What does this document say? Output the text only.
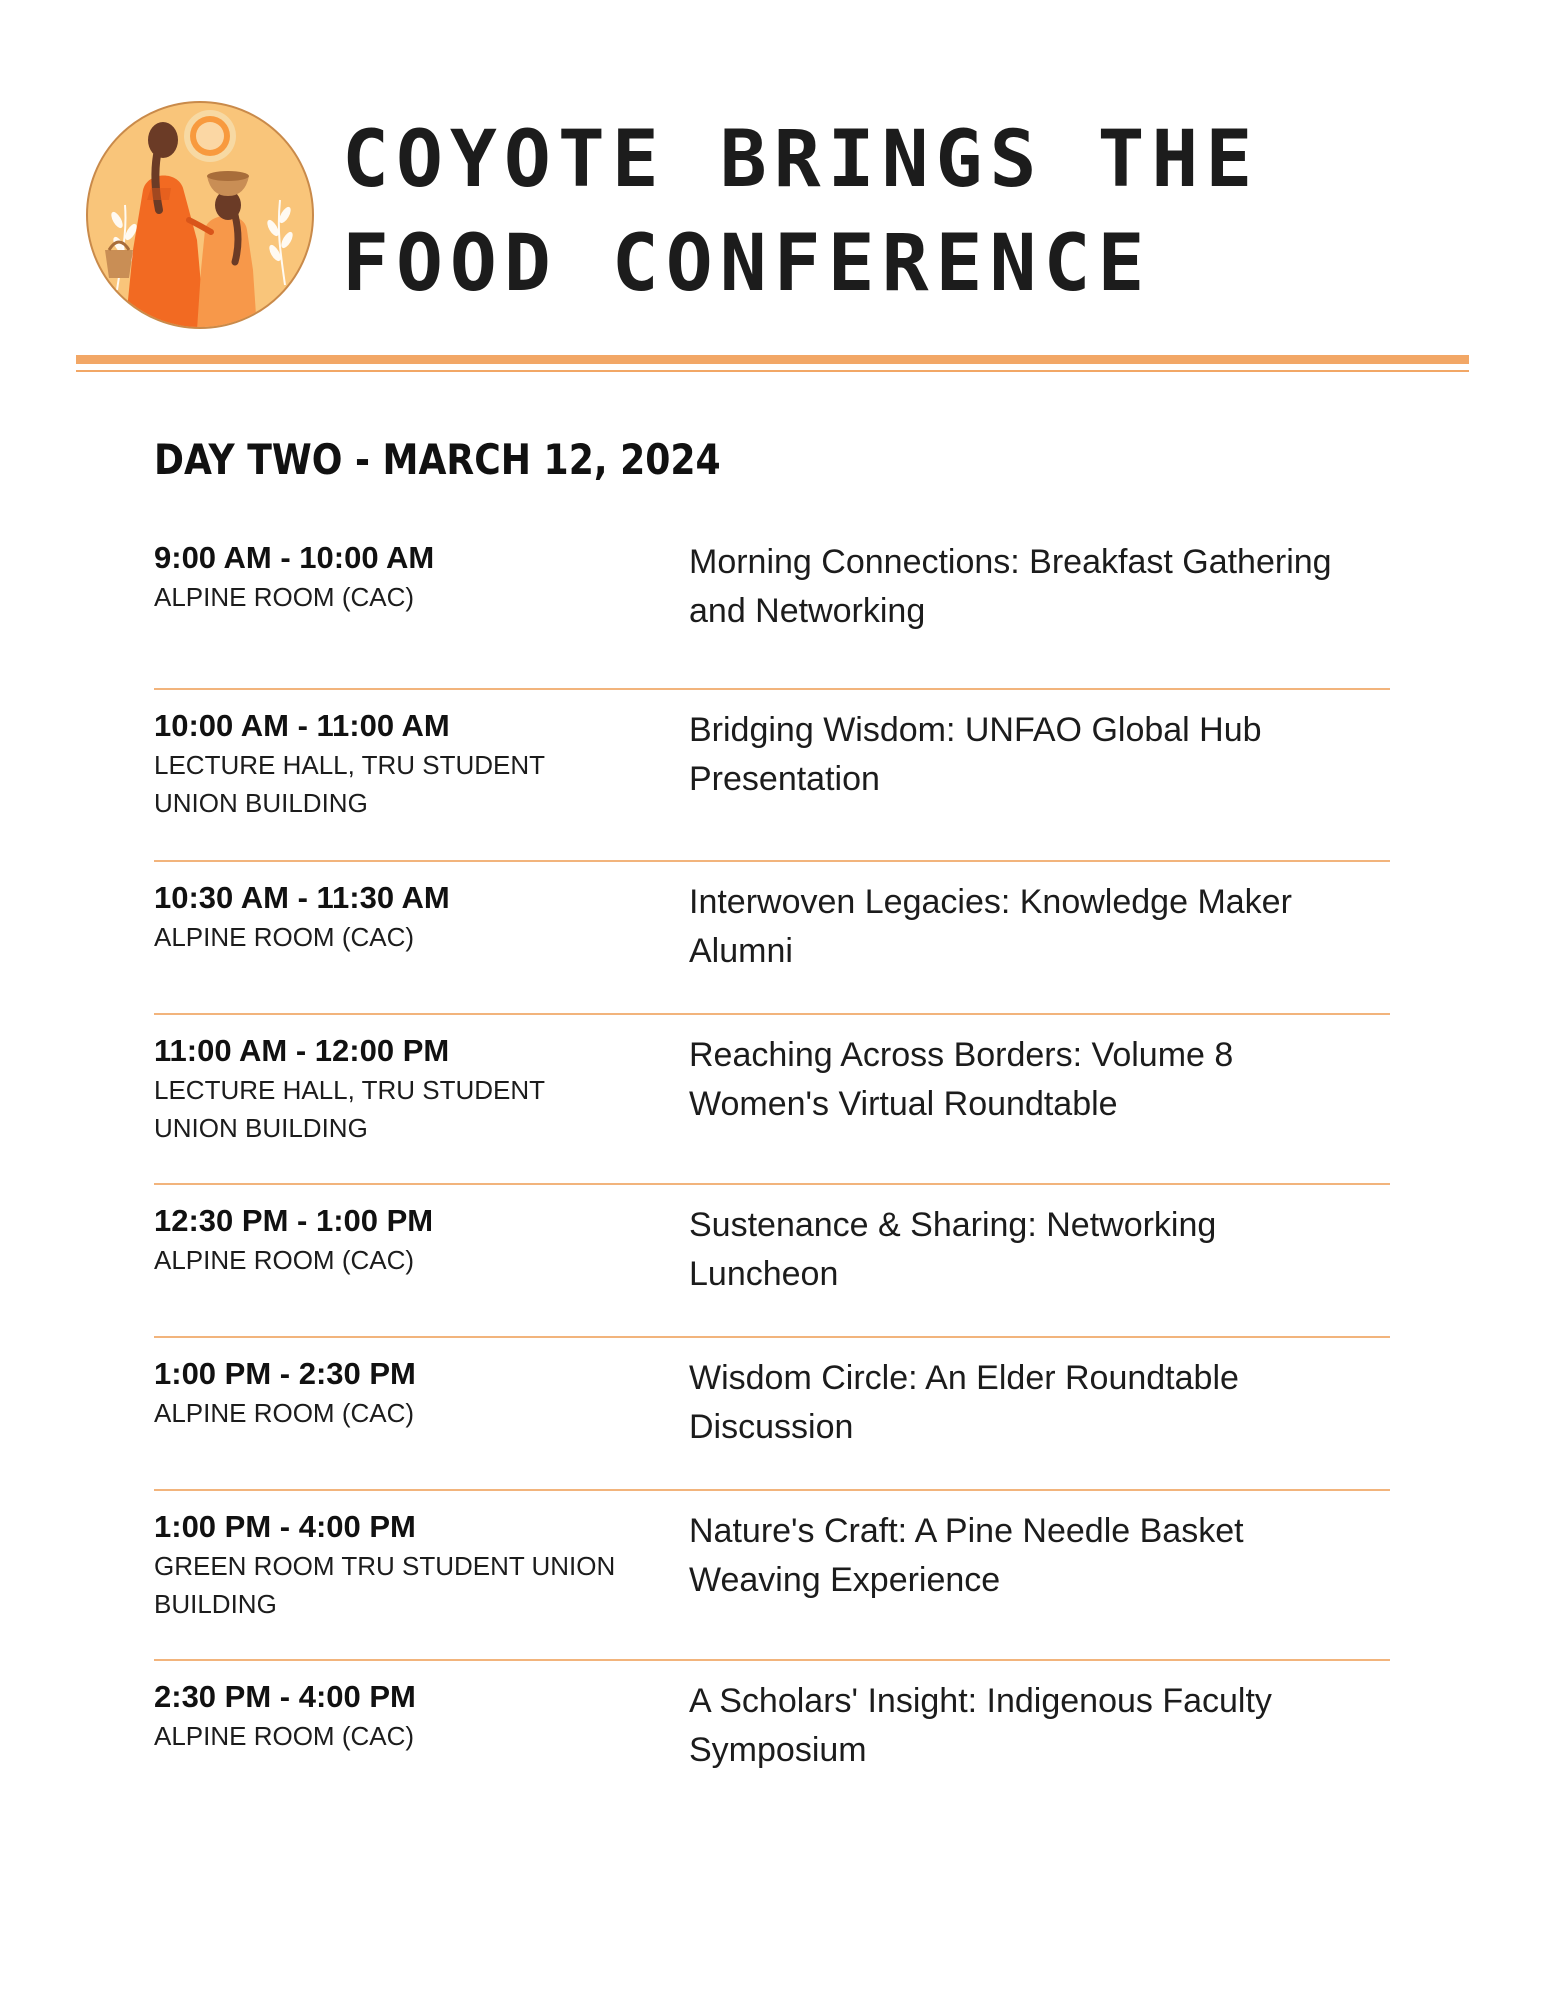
COYOTE BRINGS THE FOOD CONFERENCE
DAY TWO - MARCH 12, 2024
9:00 AM - 10:00 AM
ALPINE ROOM (CAC)
Morning Connections: Breakfast Gathering and Networking
10:00 AM - 11:00 AM
LECTURE HALL, TRU STUDENT UNION BUILDING
Bridging Wisdom: UNFAO Global Hub Presentation
10:30 AM - 11:30 AM
ALPINE ROOM (CAC)
Interwoven Legacies: Knowledge Maker Alumni
11:00 AM - 12:00 PM
LECTURE HALL, TRU STUDENT UNION BUILDING
Reaching Across Borders: Volume 8 Women's Virtual Roundtable
12:30 PM - 1:00 PM
ALPINE ROOM (CAC)
Sustenance & Sharing: Networking Luncheon
1:00 PM - 2:30 PM
ALPINE ROOM (CAC)
Wisdom Circle: An Elder Roundtable Discussion
1:00 PM - 4:00 PM
GREEN ROOM TRU STUDENT UNION BUILDING
Nature's Craft: A Pine Needle Basket Weaving Experience
2:30 PM - 4:00 PM
ALPINE ROOM (CAC)
A Scholars' Insight: Indigenous Faculty Symposium
